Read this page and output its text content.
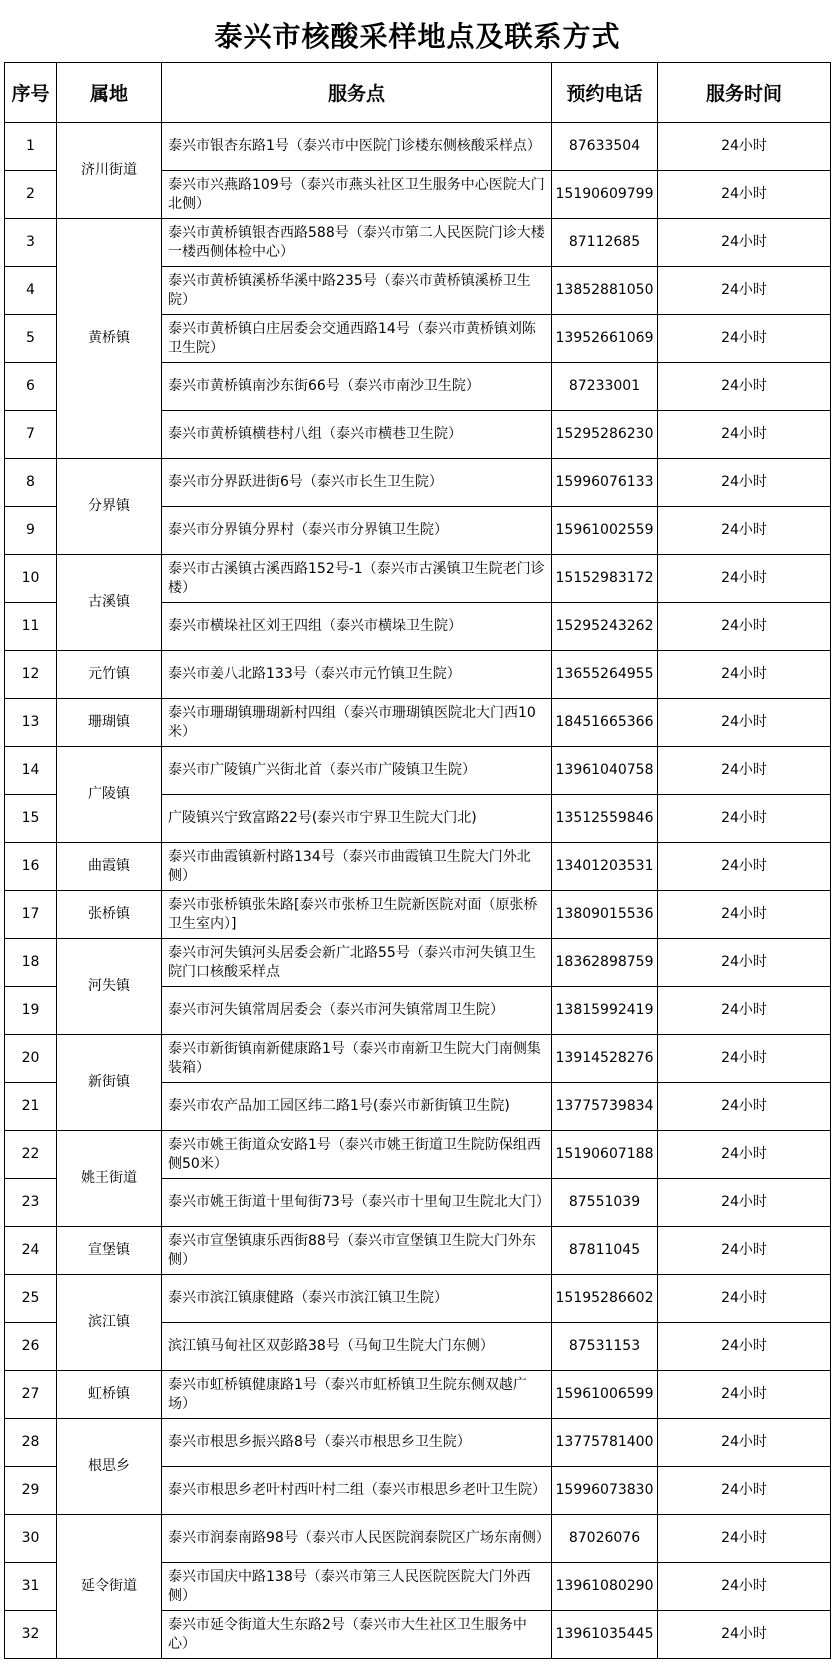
泰兴市核酸采样地点及联系方式
序号	属地	服务点	预约电话	服务时间
1	济川街道	泰兴市银杏东路1号（泰兴市中医院门诊楼东侧核酸采样点）	87633504	24小时
2		泰兴市兴燕路109号（泰兴市燕头社区卫生服务中心医院大门北侧）	15190609799	24小时
3	黄桥镇	泰兴市黄桥镇银杏西路588号（泰兴市第二人民医院门诊大楼一楼西侧体检中心）	87112685	24小时
4		泰兴市黄桥镇溪桥华溪中路235号（泰兴市黄桥镇溪桥卫生院）	13852881050	24小时
5		泰兴市黄桥镇白庄居委会交通西路14号（泰兴市黄桥镇刘陈卫生院）	13952661069	24小时
6		泰兴市黄桥镇南沙东街66号（泰兴市南沙卫生院）	87233001	24小时
7		泰兴市黄桥镇横巷村八组（泰兴市横巷卫生院）	15295286230	24小时
8	分界镇	泰兴市分界跃进街6号（泰兴市长生卫生院）	15996076133	24小时
9		泰兴市分界镇分界村（泰兴市分界镇卫生院）	15961002559	24小时
10	古溪镇	泰兴市古溪镇古溪西路152号-1（泰兴市古溪镇卫生院老门诊楼）	15152983172	24小时
11		泰兴市横垛社区刘王四组（泰兴市横垛卫生院）	15295243262	24小时
12	元竹镇	泰兴市姜八北路133号（泰兴市元竹镇卫生院）	13655264955	24小时
13	珊瑚镇	泰兴市珊瑚镇珊瑚新村四组（泰兴市珊瑚镇医院北大门西10米）	18451665366	24小时
14	广陵镇	泰兴市广陵镇广兴街北首（泰兴市广陵镇卫生院）	13961040758	24小时
15		广陵镇兴宁致富路22号(泰兴市宁界卫生院大门北)	13512559846	24小时
16	曲霞镇	泰兴市曲霞镇新村路134号（泰兴市曲霞镇卫生院大门外北侧）	13401203531	24小时
17	张桥镇	泰兴市张桥镇张朱路[泰兴市张桥卫生院新医院对面（原张桥卫生室内）]	13809015536	24小时
18	河失镇	泰兴市河失镇河头居委会新广北路55号（泰兴市河失镇卫生院门口核酸采样点	18362898759	24小时
19		泰兴市河失镇常周居委会（泰兴市河失镇常周卫生院）	13815992419	24小时
20	新街镇	泰兴市新街镇南新健康路1号（泰兴市南新卫生院大门南侧集装箱）	13914528276	24小时
21		泰兴市农产品加工园区纬二路1号(泰兴市新街镇卫生院)	13775739834	24小时
22	姚王街道	泰兴市姚王街道众安路1号（泰兴市姚王街道卫生院防保组西侧50米）	15190607188	24小时
23		泰兴市姚王街道十里甸街73号（泰兴市十里甸卫生院北大门）	87551039	24小时
24	宣堡镇	泰兴市宣堡镇康乐西街88号（泰兴市宣堡镇卫生院大门外东侧）	87811045	24小时
25	滨江镇	泰兴市滨江镇康健路（泰兴市滨江镇卫生院）	15195286602	24小时
26		滨江镇马甸社区双彭路38号（马甸卫生院大门东侧）	87531153	24小时
27	虹桥镇	泰兴市虹桥镇健康路1号（泰兴市虹桥镇卫生院东侧双越广场）	15961006599	24小时
28	根思乡	泰兴市根思乡振兴路8号（泰兴市根思乡卫生院）	13775781400	24小时
29		泰兴市根思乡老叶村西叶村二组（泰兴市根思乡老叶卫生院）	15996073830	24小时
30	延令街道	泰兴市润泰南路98号（泰兴市人民医院润泰院区广场东南侧）	87026076	24小时
31		泰兴市国庆中路138号（泰兴市第三人民医院医院大门外西侧）	13961080290	24小时
32		泰兴市延令街道大生东路2号（泰兴市大生社区卫生服务中心）	13961035445	24小时
